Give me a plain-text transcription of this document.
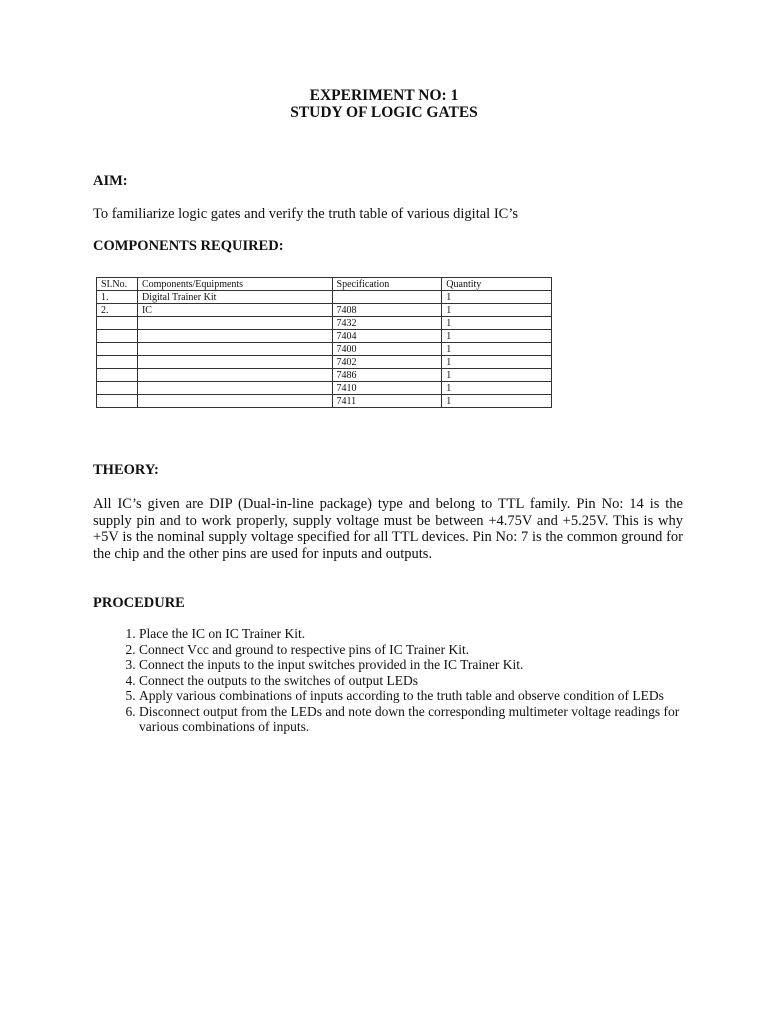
EXPERIMENT NO: 1
STUDY OF LOGIC GATES
AIM:
To familiarize logic gates and verify the truth table of various digital IC’s
COMPONENTS REQUIRED:
SI.No.	Components/Equipments	Specification	Quantity
1.	Digital Trainer Kit		1
2.	IC	7408	1
		7432	1
		7404	1
		7400	1
		7402	1
		7486	1
		7410	1
		7411	1
THEORY:
All IC’s given are DIP (Dual-in-line package) type and belong to TTL family. Pin No: 14 is the supply pin and to work properly, supply voltage must be between +4.75V and +5.25V. This is why +5V is the nominal supply voltage specified for all TTL devices. Pin No: 7 is the common ground for the chip and the other pins are used for inputs and outputs.
PROCEDURE
1. Place the IC on IC Trainer Kit.
2. Connect Vcc and ground to respective pins of IC Trainer Kit.
3. Connect the inputs to the input switches provided in the IC Trainer Kit.
4. Connect the outputs to the switches of output LEDs
5. Apply various combinations of inputs according to the truth table and observe condition of LEDs
6. Disconnect output from the LEDs and note down the corresponding multimeter voltage readings for various combinations of inputs.
